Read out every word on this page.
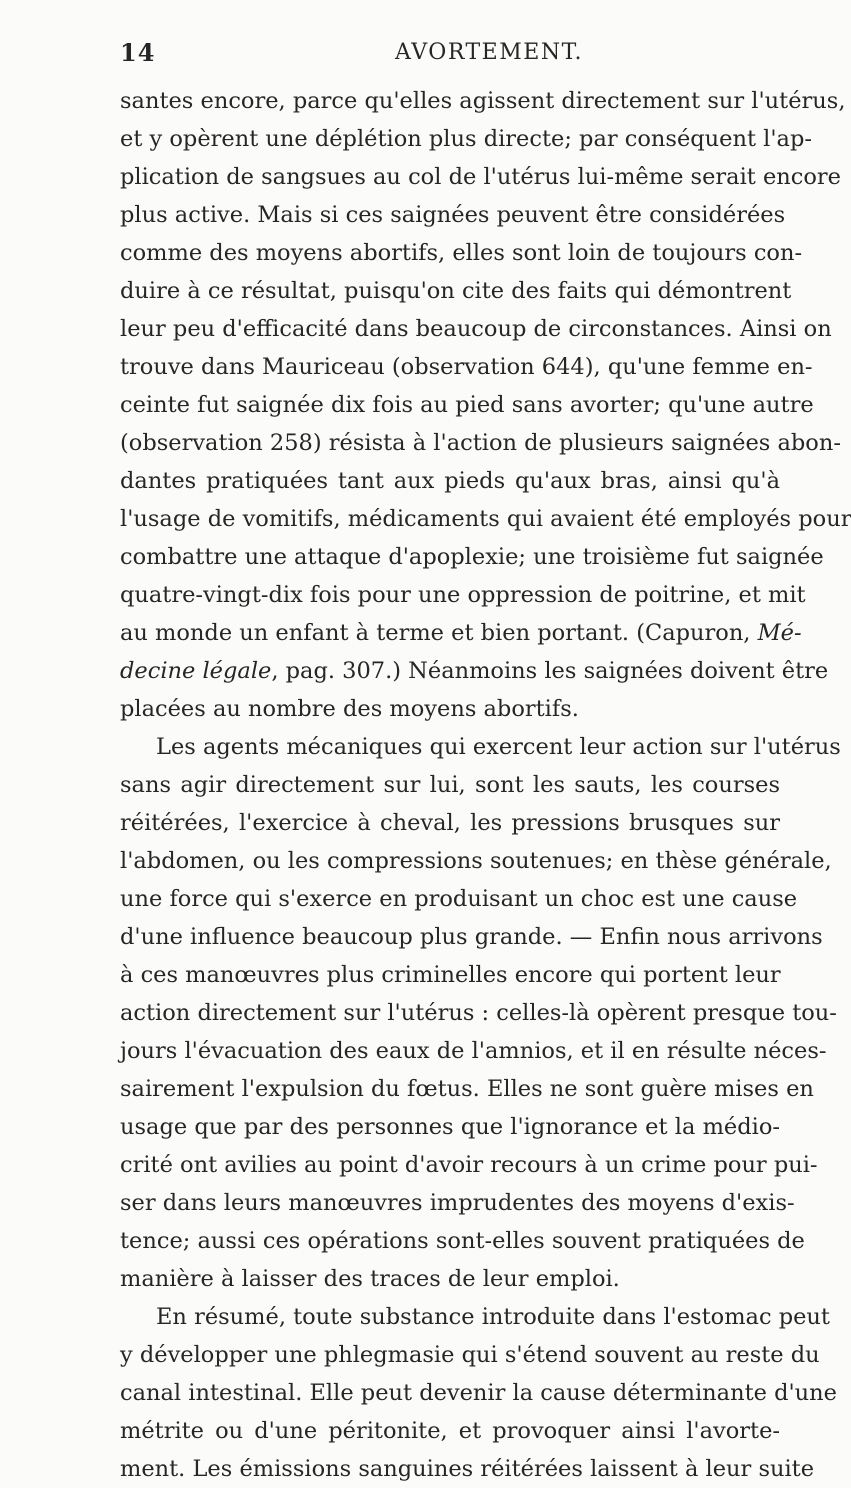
14	AVORTEMENT.
santes encore, parce qu'elles agissent directement sur l'utérus,
et y opèrent une déplétion plus directe; par conséquent l'ap-
plication de sangsues au col de l'utérus lui-même serait encore
plus active. Mais si ces saignées peuvent être considérées
comme des moyens abortifs, elles sont loin de toujours con-
duire à ce résultat, puisqu'on cite des faits qui démontrent
leur peu d'efficacité dans beaucoup de circonstances. Ainsi on
trouve dans Mauriceau (observation 644), qu'une femme en-
ceinte fut saignée dix fois au pied sans avorter; qu'une autre
(observation 258) résista à l'action de plusieurs saignées abon-
dantes pratiquées tant aux pieds qu'aux bras, ainsi qu'à
l'usage de vomitifs, médicaments qui avaient été employés pour
combattre une attaque d'apoplexie; une troisième fut saignée
quatre-vingt-dix fois pour une oppression de poitrine, et mit
au monde un enfant à terme et bien portant. (Capuron, Mé-
decine légale, pag. 307.) Néanmoins les saignées doivent être
placées au nombre des moyens abortifs.
Les agents mécaniques qui exercent leur action sur l'utérus
sans agir directement sur lui, sont les sauts, les courses
réitérées, l'exercice à cheval, les pressions brusques sur
l'abdomen, ou les compressions soutenues; en thèse générale,
une force qui s'exerce en produisant un choc est une cause
d'une influence beaucoup plus grande. — Enfin nous arrivons
à ces manœuvres plus criminelles encore qui portent leur
action directement sur l'utérus : celles-là opèrent presque tou-
jours l'évacuation des eaux de l'amnios, et il en résulte néces-
sairement l'expulsion du fœtus. Elles ne sont guère mises en
usage que par des personnes que l'ignorance et la médio-
crité ont avilies au point d'avoir recours à un crime pour pui-
ser dans leurs manœuvres imprudentes des moyens d'exis-
tence; aussi ces opérations sont-elles souvent pratiquées de
manière à laisser des traces de leur emploi.
En résumé, toute substance introduite dans l'estomac peut
y développer une phlegmasie qui s'étend souvent au reste du
canal intestinal. Elle peut devenir la cause déterminante d'une
métrite ou d'une péritonite, et provoquer ainsi l'avorte-
ment. Les émissions sanguines réitérées laissent à leur suite
